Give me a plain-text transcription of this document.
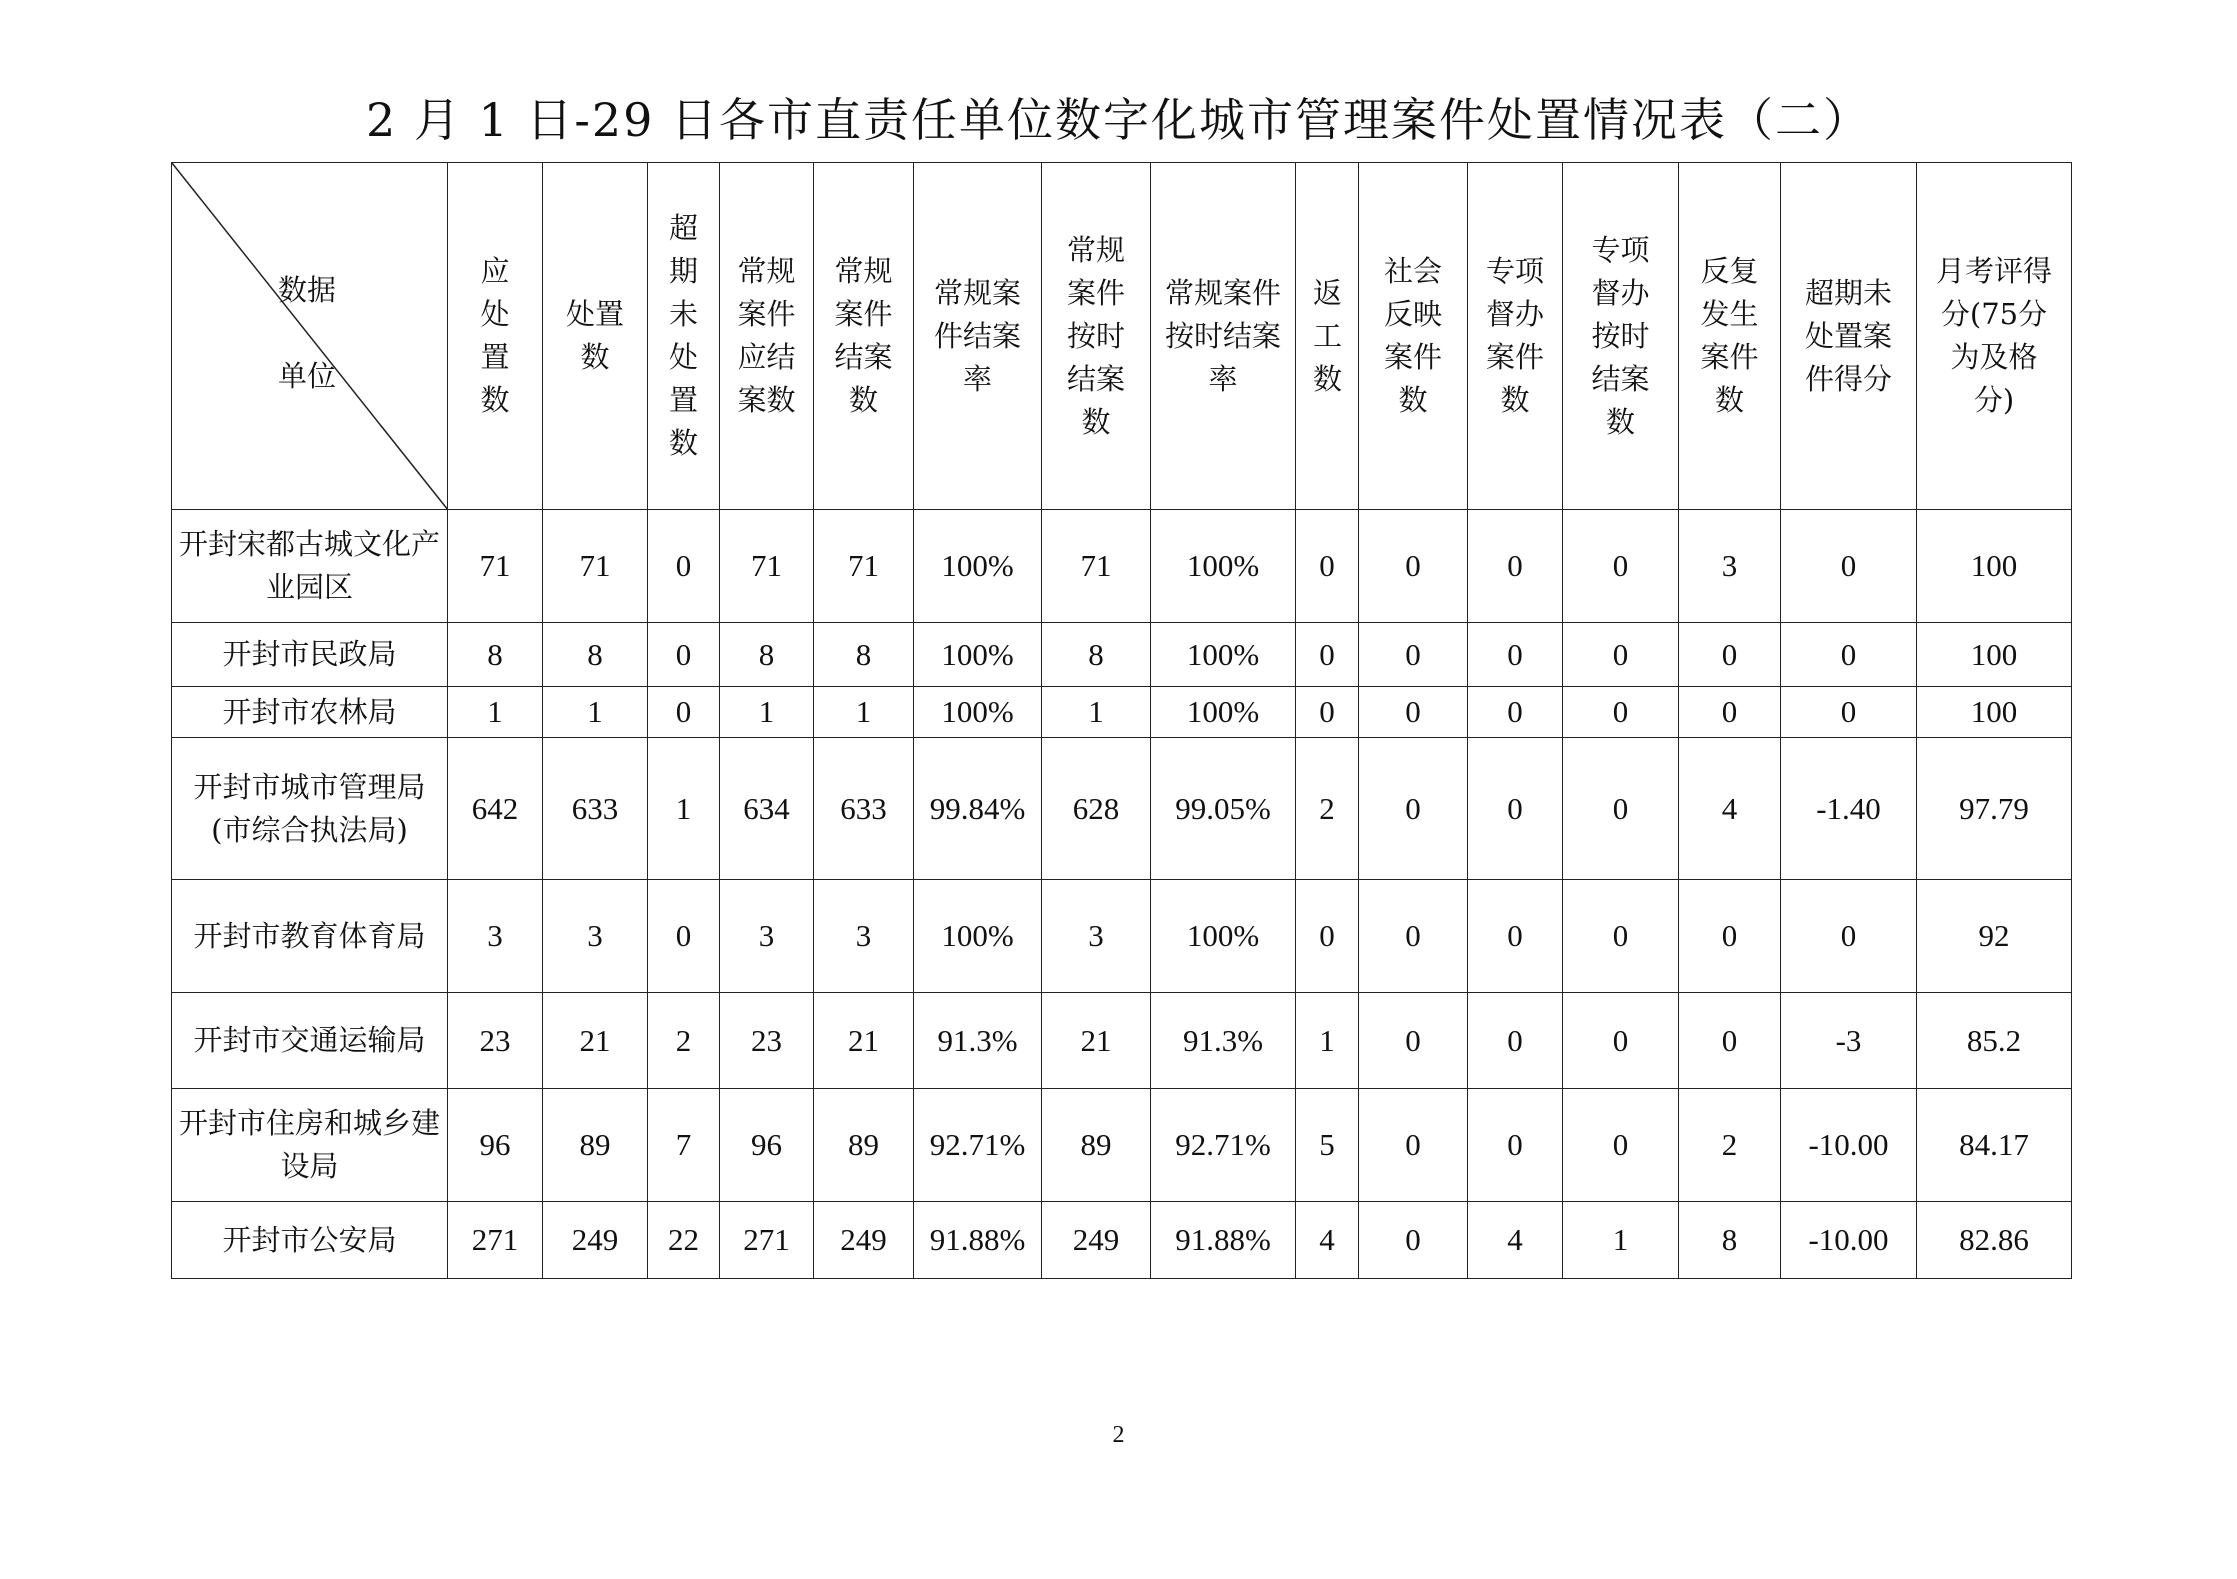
2 月 1 日-29 日各市直责任单位数字化城市管理案件处置情况表（二）
数据
单位	应处置数	处置数	超期未处置数	常规案件应结案数	常规案件结案数	常规案件结案率	常规案件按时结案数	常规案件按时结案率	返工数	社会反映案件数	专项督办案件数	专项督办按时结案数	反复发生案件数	超期未处置案件得分	月考评得分(75分为及格分)
开封宋都古城文化产业园区	71	71	0	71	71	100%	71	100%	0	0	0	0	3	0	100
开封市民政局	8	8	0	8	8	100%	8	100%	0	0	0	0	0	0	100
开封市农林局	1	1	0	1	1	100%	1	100%	0	0	0	0	0	0	100
开封市城市管理局(市综合执法局)	642	633	1	634	633	99.84%	628	99.05%	2	0	0	0	4	-1.40	97.79
开封市教育体育局	3	3	0	3	3	100%	3	100%	0	0	0	0	0	0	92
开封市交通运输局	23	21	2	23	21	91.3%	21	91.3%	1	0	0	0	0	-3	85.2
开封市住房和城乡建设局	96	89	7	96	89	92.71%	89	92.71%	5	0	0	0	2	-10.00	84.17
开封市公安局	271	249	22	271	249	91.88%	249	91.88%	4	0	4	1	8	-10.00	82.86
2
